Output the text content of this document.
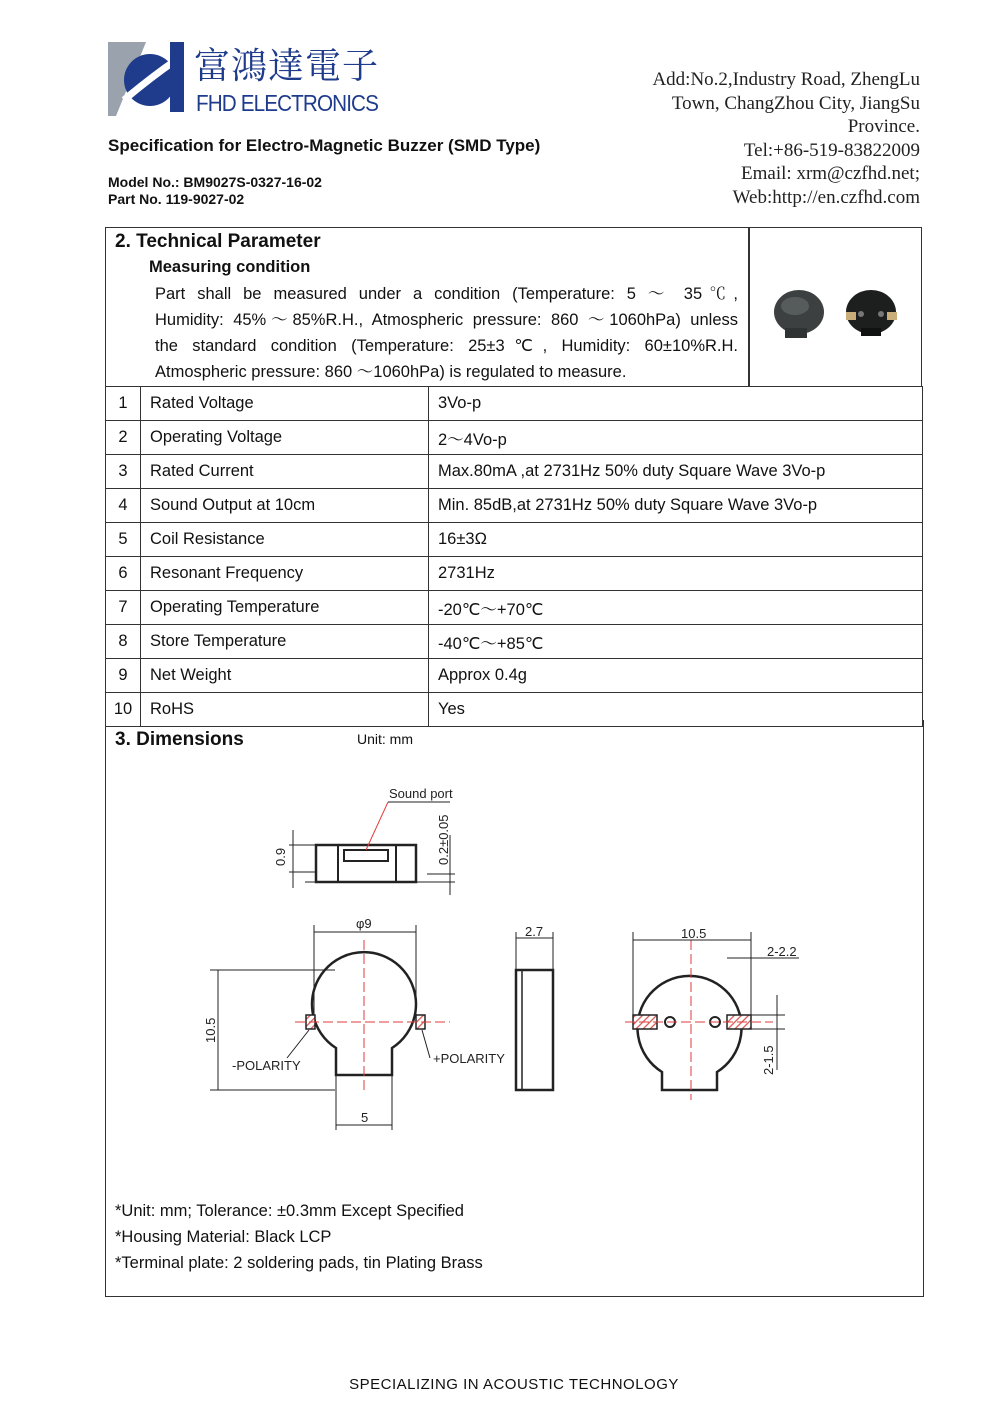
富鴻達電子
FHD ELECTRONICS
Add:No.2,Industry Road, ZhengLu
Town, ChangZhou City, JiangSu
Province.
Tel:+86-519-83822009
Email: xrm@czfhd.net;
Web:http://en.czfhd.com
Specification for Electro-Magnetic Buzzer (SMD Type)
Model No.: BM9027S-0327-16-02
Part No. 119-9027-02
2. Technical Parameter
Measuring condition
Part shall be measured under a condition (Temperature: 5 ～ 35℃,
Humidity: 45%～85%R.H., Atmospheric pressure: 860 ～1060hPa) unless
the standard condition (Temperature: 25±3℃, Humidity: 60±10%R.H.
Atmospheric pressure: 860 ～1060hPa) is regulated to measure.
1	Rated Voltage	3Vo-p
2	Operating Voltage	2～4Vo-p
3	Rated Current	Max.80mA ,at 2731Hz 50% duty Square Wave 3Vo-p
4	Sound Output at 10cm	Min. 85dB,at 2731Hz 50% duty Square Wave 3Vo-p
5	Coil Resistance	16±3Ω
6	Resonant Frequency	2731Hz
7	Operating Temperature	-20℃～+70℃
8	Store Temperature	-40℃～+85℃
9	Net Weight	Approx 0.4g
10	RoHS	Yes
3. Dimensions	Unit: mm
Sound port
0.9	0.2±0.05
φ9
10.5
-POLARITY	+POLARITY
5
2.7	10.5
2-2.2
2-1.5
*Unit: mm; Tolerance: ±0.3mm Except Specified
*Housing Material: Black LCP
*Terminal plate: 2 soldering pads, tin Plating Brass
SPECIALIZING IN ACOUSTIC TECHNOLOGY
